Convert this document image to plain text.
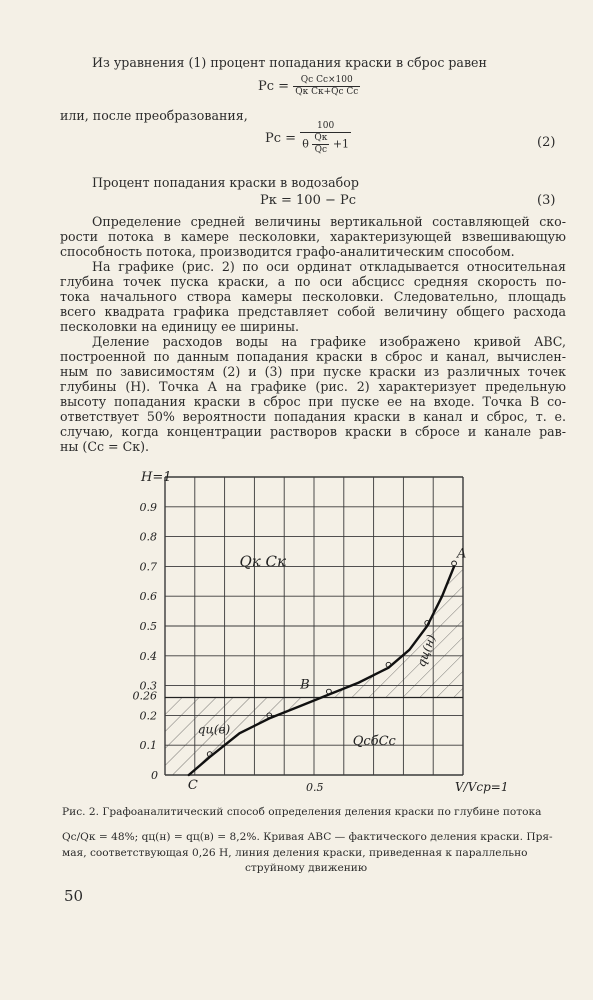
Из уравнения (1) процент попадания краски в сброс равен
$Pc = \frac{\text{Qc Cc×100}}{\text{Qк Cк+Qc Cc}}$
или, после преобразования,
$Pc = \frac{100}{\theta \frac{Qк}{Qc} +1}$	(2)
Процент попадания краски в водозабор
Pк = 100 − Pc	(3)
Определение средней величины вертикальной составляющей ско-
рости потока в камере песколовки, характеризующей взвешивающую
способность потока, производится графо-аналитическим способом.
На графике (рис. 2) по оси ординат откладывается относительная
глубина точек пуска краски, а по оси абсцисс средняя скорость по-
тока начального створа камеры песколовки. Следовательно, площадь
всего квадрата графика представляет собой величину общего расхода
песколовки на единицу ее ширины.
Деление расходов воды на графике изображено кривой ABC,
построенной по данным попадания краски в сброс и канал, вычислен-
ным по зависимостям (2) и (3) при пуске краски из различных точек
глубины (H). Точка A на графике (рис. 2) характеризует предельную
высоту попадания краски в сброс при пуске ее на входе. Точка B со-
ответствует 50% вероятности попадания краски в канал и сброс, т. е.
случаю, когда концентрации растворов краски в сбросе и канале рав-
ны (Cc = Cк).
0.9
0.8
0.7
0.6
0.5
0.4
0.3
0.26
0.2
0.1
H=1
0
0.5	V/Vср=1
Qк Cк
QcбCc
qц(в)
qц(н)
A
B
C
Рис. 2. Графоаналитический способ определения деления краски по глубине потока
Qc/Qк = 48%; qц(н) = qц(в) = 8,2%. Кривая ABC — фактического деления краски. Пря-
мая, соответствующая 0,26 H, линия деления краски, приведенная к параллельно
струйному движению
50
